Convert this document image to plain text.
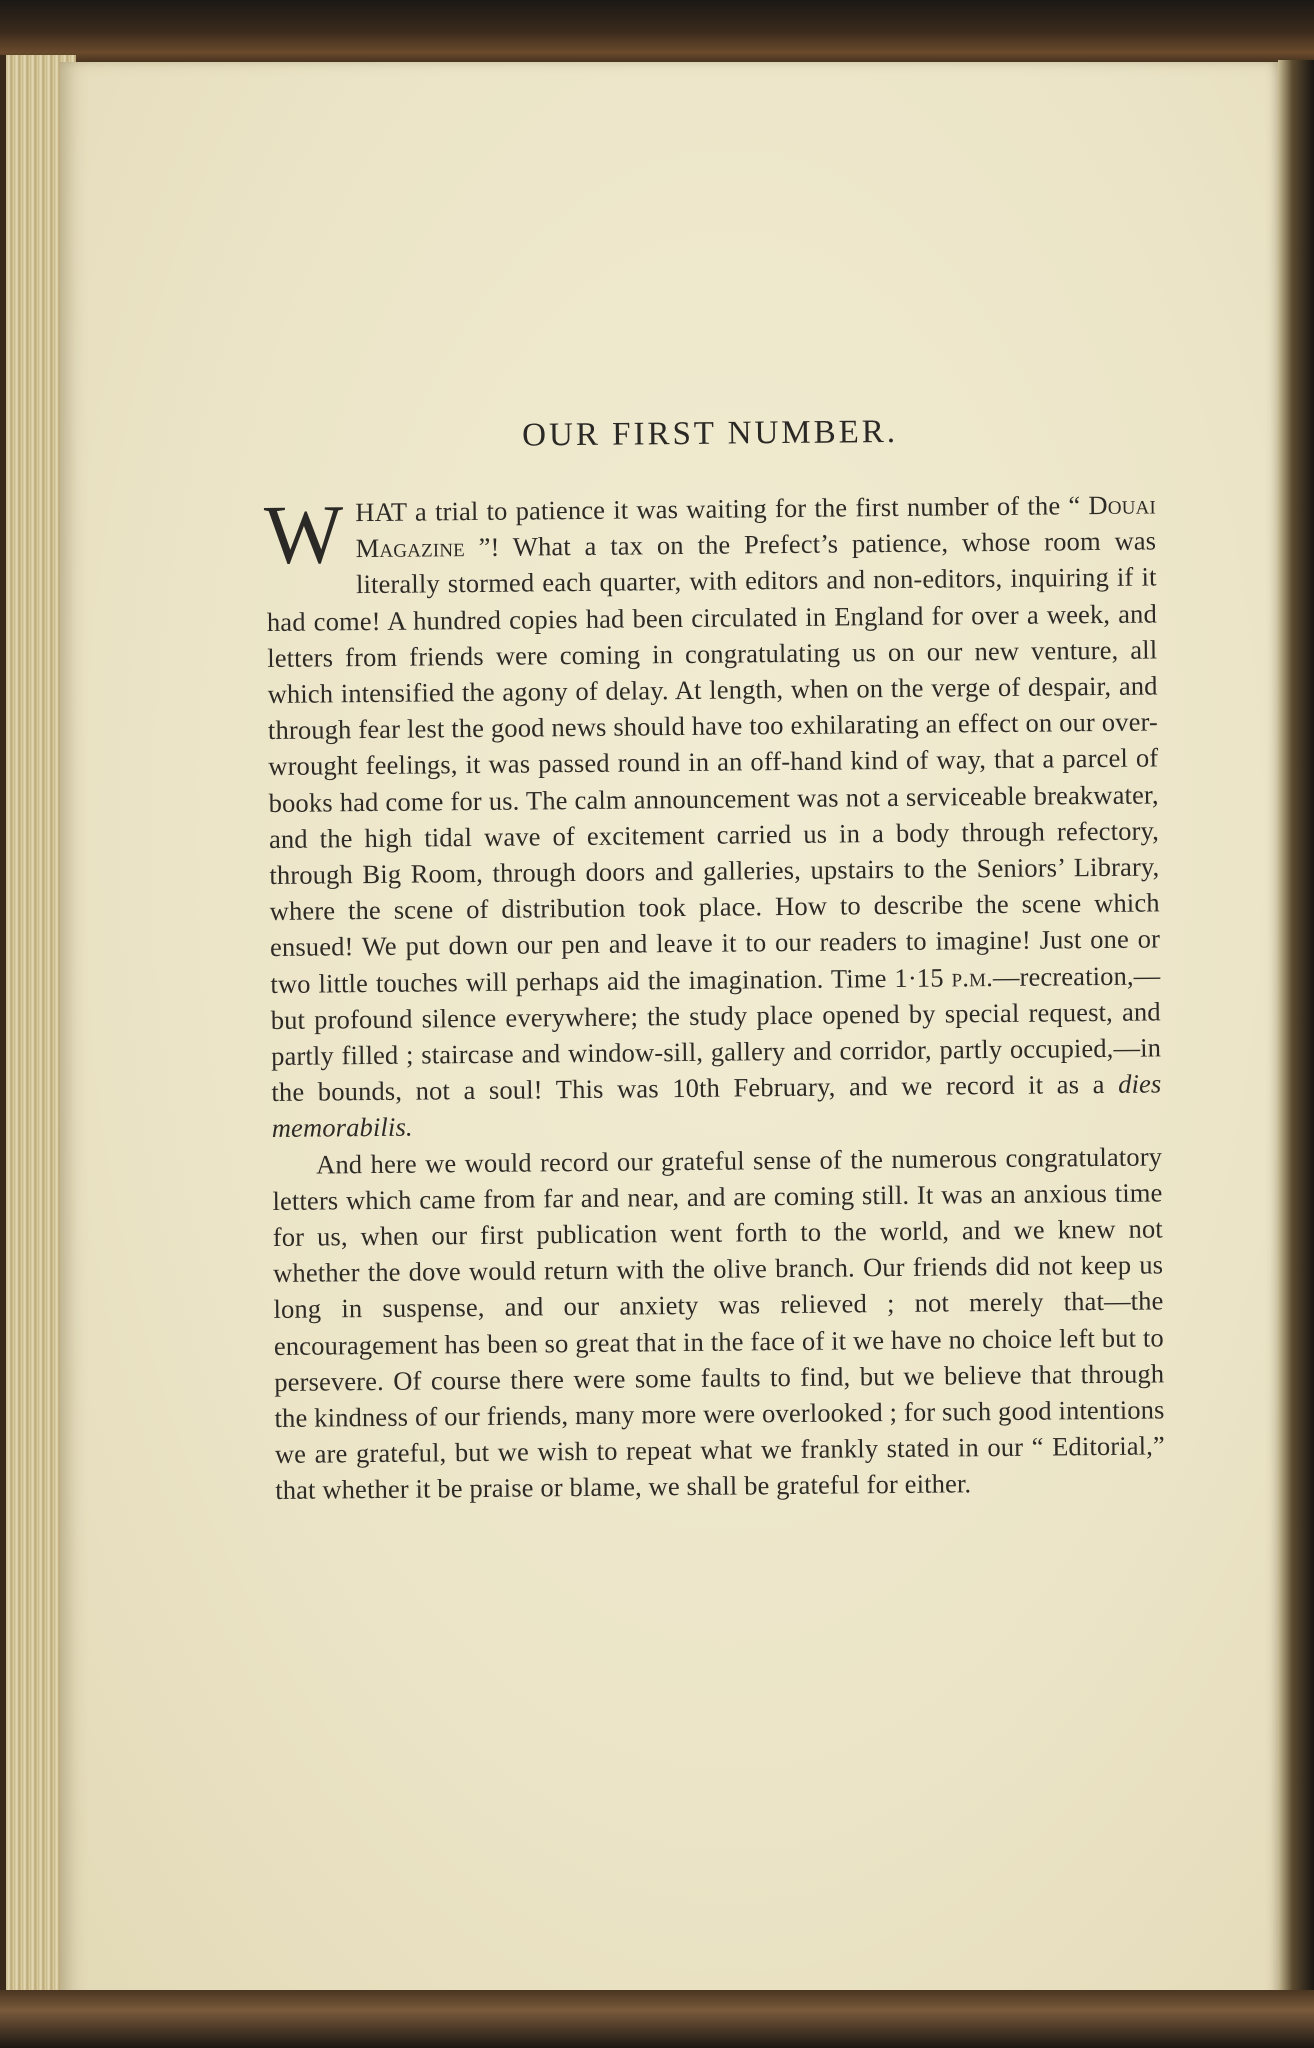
OUR FIRST NUMBER.

WHAT a trial to patience it was waiting for the first number of the “ Douai Magazine ”! What a tax on the Prefect’s patience, whose room was literally stormed each quarter, with editors and non-editors, inquiring if it had come! A hundred copies had been circulated in England for over a week, and letters from friends were coming in congratulating us on our new venture, all which intensified the agony of delay. At length, when on the verge of despair, and through fear lest the good news should have too exhilarating an effect on our over-wrought feelings, it was passed round in an off-hand kind of way, that a parcel of books had come for us. The calm announcement was not a serviceable breakwater, and the high tidal wave of excitement carried us in a body through refectory, through Big Room, through doors and galleries, upstairs to the Seniors’ Library, where the scene of distribution took place. How to describe the scene which ensued! We put down our pen and leave it to our readers to imagine! Just one or two little touches will perhaps aid the imagination. Time 1·15 p.m.—recreation,—but profound silence everywhere; the study place opened by special request, and partly filled ; staircase and window-sill, gallery and corridor, partly occupied,—in the bounds, not a soul! This was 10th February, and we record it as a dies memorabilis.

And here we would record our grateful sense of the numerous congratulatory letters which came from far and near, and are coming still. It was an anxious time for us, when our first publication went forth to the world, and we knew not whether the dove would return with the olive branch. Our friends did not keep us long in suspense, and our anxiety was relieved ; not merely that—the encouragement has been so great that in the face of it we have no choice left but to persevere. Of course there were some faults to find, but we believe that through the kindness of our friends, many more were overlooked ; for such good intentions we are grateful, but we wish to repeat what we frankly stated in our “ Editorial,” that whether it be praise or blame, we shall be grateful for either.
